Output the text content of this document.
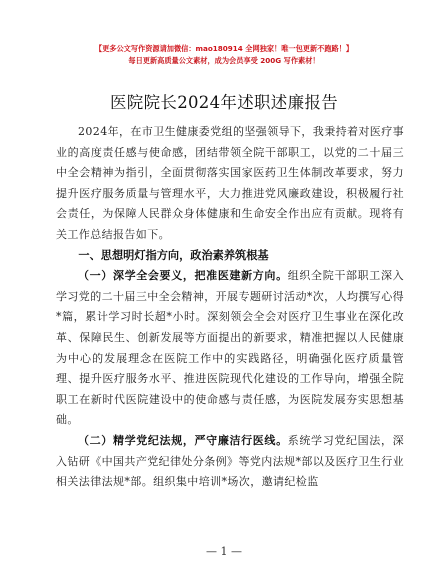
【更多公文写作资源请加微信：mao180914 全网独家！唯一包更新不跑路！】
每日更新高质量公文素材，成为会员享受 200G 写作素材！
医院院长2024年述职述廉报告

2024年，在市卫生健康委党组的坚强领导下，我秉持着对医疗事业的高度责任感与使命感，团结带领全院干部职工，以党的二十届三中全会精神为指引，全面贯彻落实国家医药卫生体制改革要求，努力提升医疗服务质量与管理水平，大力推进党风廉政建设，积极履行社会责任，为保障人民群众身体健康和生命安全作出应有贡献。现将有关工作总结报告如下。

一、思想明灯指方向，政治素养筑根基

（一）深学全会要义，把准医建新方向。组织全院干部职工深入学习党的二十届三中全会精神，开展专题研讨活动*次，人均撰写心得*篇，累计学习时长超*小时。深刻领会全会对医疗卫生事业在深化改革、保障民生、创新发展等方面提出的新要求，精准把握以人民健康为中心的发展理念在医院工作中的实践路径，明确强化医疗质量管理、提升医疗服务水平、推进医院现代化建设的工作导向，增强全院职工在新时代医院建设中的使命感与责任感，为医院发展夯实思想基础。

（二）精学党纪法规，严守廉洁行医线。系统学习党纪国法，深入钻研《中国共产党纪律处分条例》等党内法规*部以及医疗卫生行业相关法律法规*部。组织集中培训*场次，邀请纪检监

— 1 —
